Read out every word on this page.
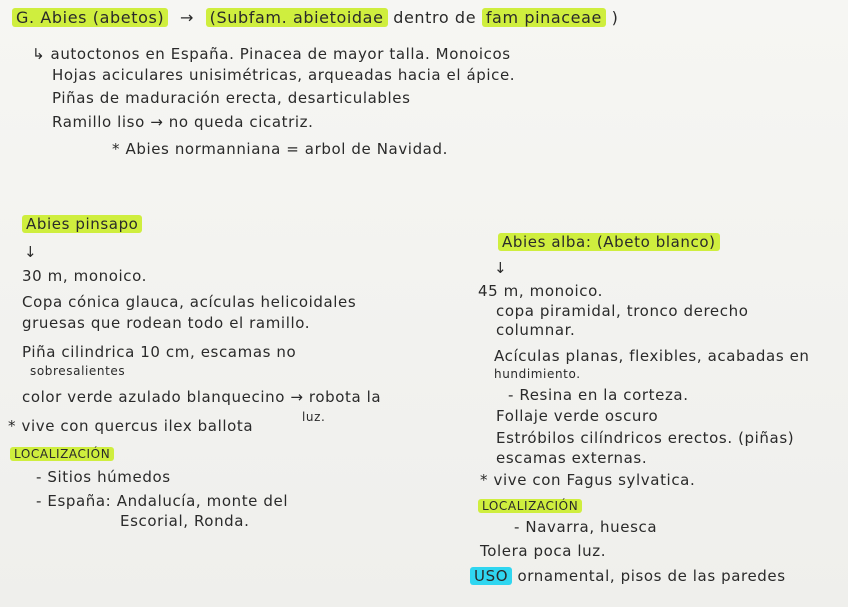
G. Abies (abetos) → (Subfam. abietoidae dentro de fam pinaceae )
↳ autoctonos en España. Pinacea de mayor talla. Monoicos
Hojas aciculares unisimétricas, arqueadas hacia el ápice.
Piñas de maduración erecta, desarticulables
Ramillo liso → no queda cicatriz.
* Abies normanniana = arbol de Navidad.
Abies pinsapo
↓
30 m, monoico.
Copa cónica glauca, acículas helicoidales
gruesas que rodean todo el ramillo.
Piña cilindrica 10 cm, escamas no
sobresalientes
color verde azulado blanquecino → robota la
luz.
* vive con quercus ilex ballota
LOCALIZACIÓN
- Sitios húmedos
- España: Andalucía, monte del
Escorial, Ronda.
Abies alba: (Abeto blanco)
↓
45 m, monoico.
copa piramidal, tronco derecho
columnar.
Acículas planas, flexibles, acabadas en
hundimiento.
- Resina en la corteza.
Follaje verde oscuro
Estróbilos cilíndricos erectos. (piñas)
escamas externas.
* vive con Fagus sylvatica.
LOCALIZACIÓN
- Navarra, huesca
Tolera poca luz.
USO ornamental, pisos de las paredes
